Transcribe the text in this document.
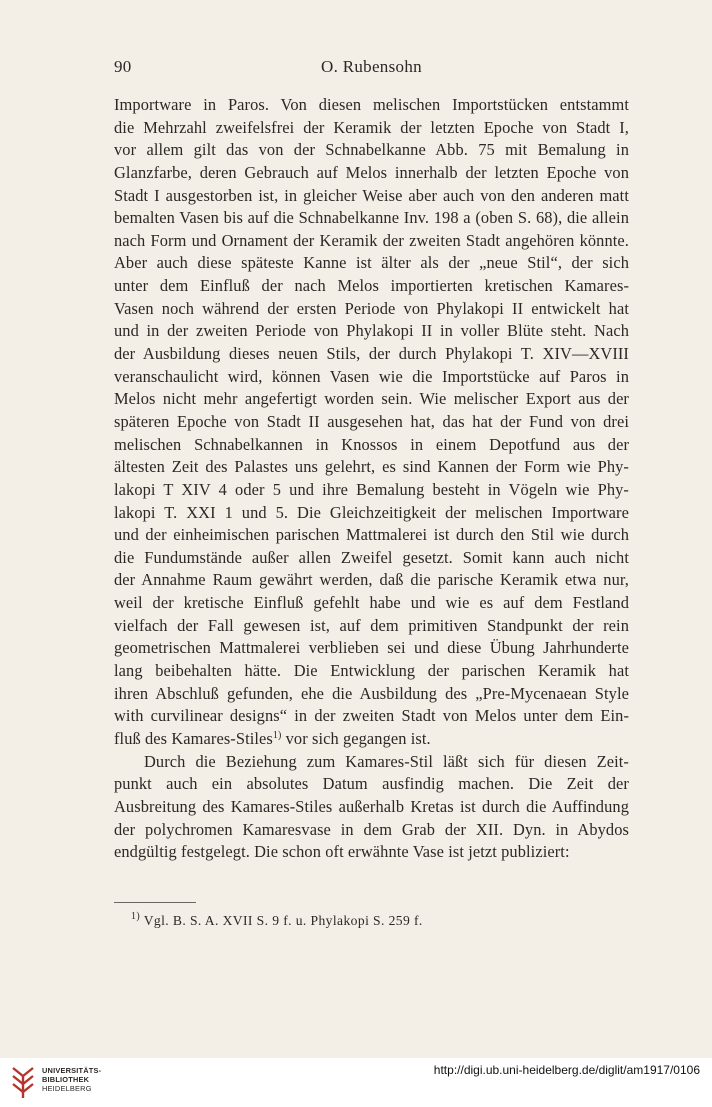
90	O. Rubensohn
Importware in Paros. Von diesen melischen Importstücken entstammt
die Mehrzahl zweifelsfrei der Keramik der letzten Epoche von Stadt I,
vor allem gilt das von der Schnabelkanne Abb. 75 mit Bemalung in
Glanzfarbe, deren Gebrauch auf Melos innerhalb der letzten Epoche von
Stadt I ausgestorben ist, in gleicher Weise aber auch von den anderen matt
bemalten Vasen bis auf die Schnabelkanne Inv. 198 a (oben S. 68), die allein
nach Form und Ornament der Keramik der zweiten Stadt angehören könnte.
Aber auch diese späteste Kanne ist älter als der „neue Stil“, der sich
unter dem Einfluß der nach Melos importierten kretischen Kamares-
Vasen noch während der ersten Periode von Phylakopi II entwickelt hat
und in der zweiten Periode von Phylakopi II in voller Blüte steht. Nach
der Ausbildung dieses neuen Stils, der durch Phylakopi T. XIV—XVIII
veranschaulicht wird, können Vasen wie die Importstücke auf Paros in
Melos nicht mehr angefertigt worden sein. Wie melischer Export aus der
späteren Epoche von Stadt II ausgesehen hat, das hat der Fund von drei
melischen Schnabelkannen in Knossos in einem Depotfund aus der
ältesten Zeit des Palastes uns gelehrt, es sind Kannen der Form wie Phy-
lakopi T XIV 4 oder 5 und ihre Bemalung besteht in Vögeln wie Phy-
lakopi T. XXI 1 und 5. Die Gleichzeitigkeit der melischen Importware
und der einheimischen parischen Mattmalerei ist durch den Stil wie durch
die Fundumstände außer allen Zweifel gesetzt. Somit kann auch nicht
der Annahme Raum gewährt werden, daß die parische Keramik etwa nur,
weil der kretische Einfluß gefehlt habe und wie es auf dem Festland
vielfach der Fall gewesen ist, auf dem primitiven Standpunkt der rein
geometrischen Mattmalerei verblieben sei und diese Übung Jahrhunderte
lang beibehalten hätte. Die Entwicklung der parischen Keramik hat
ihren Abschluß gefunden, ehe die Ausbildung des „Pre-Mycenaean Style
with curvilinear designs“ in der zweiten Stadt von Melos unter dem Ein-
fluß des Kamares-Stiles$^{1)}$ vor sich gegangen ist.
Durch die Beziehung zum Kamares-Stil läßt sich für diesen Zeit-
punkt auch ein absolutes Datum ausfindig machen. Die Zeit der
Ausbreitung des Kamares-Stiles außerhalb Kretas ist durch die Auffindung
der polychromen Kamaresvase in dem Grab der XII. Dyn. in Abydos
endgültig festgelegt. Die schon oft erwähnte Vase ist jetzt publiziert:
$^{1)}$ Vgl. B. S. A. XVII S. 9 f. u. Phylakopi S. 259 f.
UNIVERSITÄTS-
BIBLIOTHEK
HEIDELBERG
http://digi.ub.uni-heidelberg.de/diglit/am1917/0106
